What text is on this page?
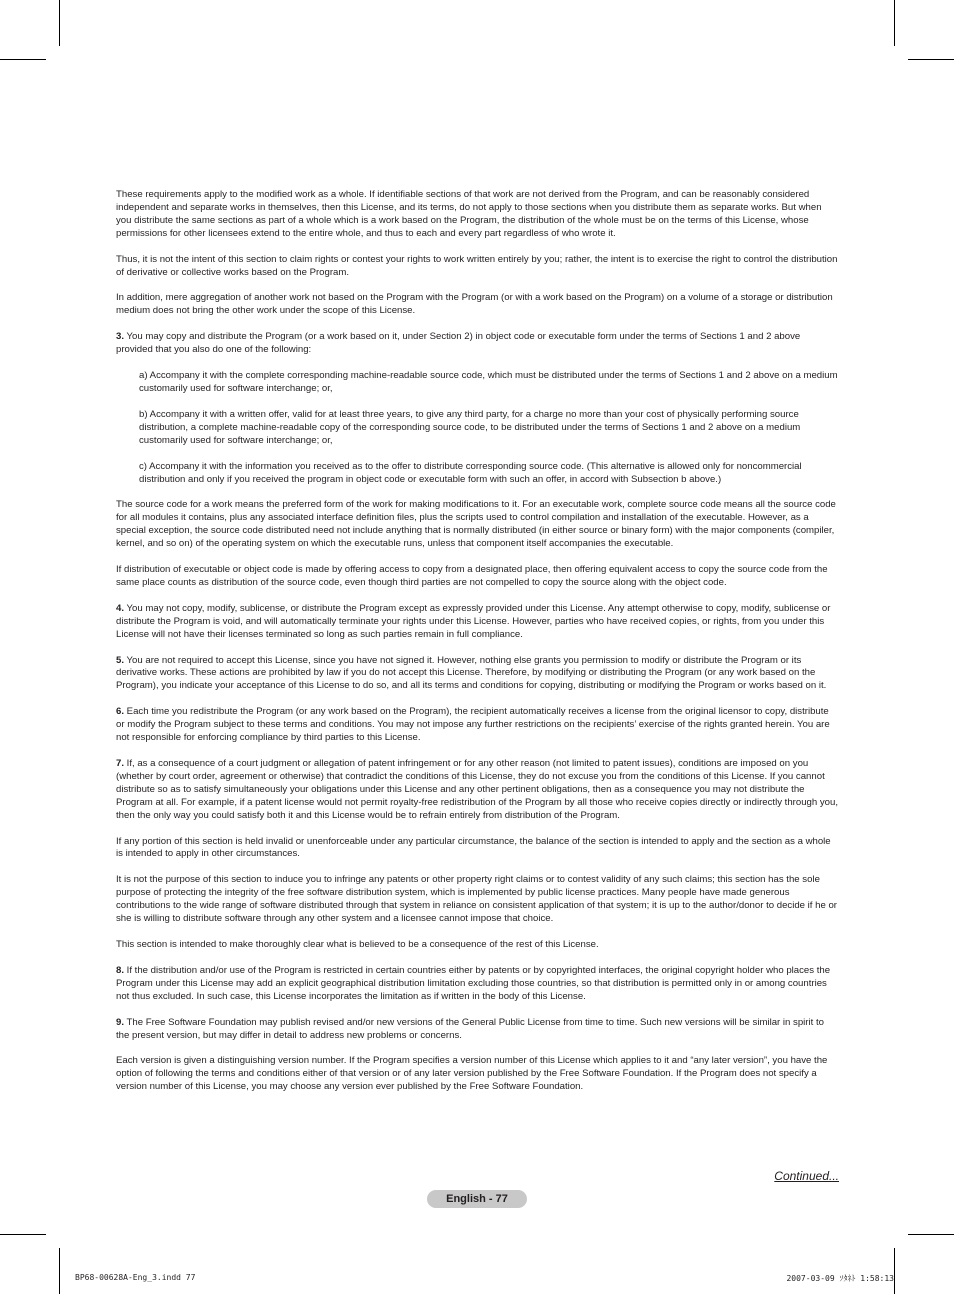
These requirements apply to the modified work as a whole. If identifiable sections of that work are not derived from the Program, and can be reasonably considered independent and separate works in themselves, then this License, and its terms, do not apply to those sections when you distribute them as separate works. But when you distribute the same sections as part of a whole which is a work based on the Program, the distribution of the whole must be on the terms of this License, whose permissions for other licensees extend to the entire whole, and thus to each and every part regardless of who wrote it.

Thus, it is not the intent of this section to claim rights or contest your rights to work written entirely by you; rather, the intent is to exercise the right to control the distribution of derivative or collective works based on the Program.

In addition, mere aggregation of another work not based on the Program with the Program (or with a work based on the Program) on a volume of a storage or distribution medium does not bring the other work under the scope of this License.

3. You may copy and distribute the Program (or a work based on it, under Section 2) in object code or executable form under the terms of Sections 1 and 2 above provided that you also do one of the following:

a) Accompany it with the complete corresponding machine-readable source code, which must be distributed under the terms of Sections 1 and 2 above on a medium customarily used for software interchange; or,

b) Accompany it with a written offer, valid for at least three years, to give any third party, for a charge no more than your cost of physically performing source distribution, a complete machine-readable copy of the corresponding source code, to be distributed under the terms of Sections 1 and 2 above on a medium customarily used for software interchange; or,

c) Accompany it with the information you received as to the offer to distribute corresponding source code. (This alternative is allowed only for noncommercial distribution and only if you received the program in object code or executable form with such an offer, in accord with Subsection b above.)

The source code for a work means the preferred form of the work for making modifications to it. For an executable work, complete source code means all the source code for all modules it contains, plus any associated interface definition files, plus the scripts used to control compilation and installation of the executable. However, as a special exception, the source code distributed need not include anything that is normally distributed (in either source or binary form) with the major components (compiler, kernel, and so on) of the operating system on which the executable runs, unless that component itself accompanies the executable.

If distribution of executable or object code is made by offering access to copy from a designated place, then offering equivalent access to copy the source code from the same place counts as distribution of the source code, even though third parties are not compelled to copy the source along with the object code.

4. You may not copy, modify, sublicense, or distribute the Program except as expressly provided under this License. Any attempt otherwise to copy, modify, sublicense or distribute the Program is void, and will automatically terminate your rights under this License. However, parties who have received copies, or rights, from you under this License will not have their licenses terminated so long as such parties remain in full compliance.

5. You are not required to accept this License, since you have not signed it. However, nothing else grants you permission to modify or distribute the Program or its derivative works. These actions are prohibited by law if you do not accept this License. Therefore, by modifying or distributing the Program (or any work based on the Program), you indicate your acceptance of this License to do so, and all its terms and conditions for copying, distributing or modifying the Program or works based on it.

6. Each time you redistribute the Program (or any work based on the Program), the recipient automatically receives a license from the original licensor to copy, distribute or modify the Program subject to these terms and conditions. You may not impose any further restrictions on the recipients’ exercise of the rights granted herein. You are not responsible for enforcing compliance by third parties to this License.

7. If, as a consequence of a court judgment or allegation of patent infringement or for any other reason (not limited to patent issues), conditions are imposed on you (whether by court order, agreement or otherwise) that contradict the conditions of this License, they do not excuse you from the conditions of this License. If you cannot distribute so as to satisfy simultaneously your obligations under this License and any other pertinent obligations, then as a consequence you may not distribute the Program at all. For example, if a patent license would not permit royalty-free redistribution of the Program by all those who receive copies directly or indirectly through you, then the only way you could satisfy both it and this License would be to refrain entirely from distribution of the Program.

If any portion of this section is held invalid or unenforceable under any particular circumstance, the balance of the section is intended to apply and the section as a whole is intended to apply in other circumstances.

It is not the purpose of this section to induce you to infringe any patents or other property right claims or to contest validity of any such claims; this section has the sole purpose of protecting the integrity of the free software distribution system, which is implemented by public license practices. Many people have made generous contributions to the wide range of software distributed through that system in reliance on consistent application of that system; it is up to the author/donor to decide if he or she is willing to distribute software through any other system and a licensee cannot impose that choice.

This section is intended to make thoroughly clear what is believed to be a consequence of the rest of this License.

8. If the distribution and/or use of the Program is restricted in certain countries either by patents or by copyrighted interfaces, the original copyright holder who places the Program under this License may add an explicit geographical distribution limitation excluding those countries, so that distribution is permitted only in or among countries not thus excluded. In such case, this License incorporates the limitation as if written in the body of this License.

9. The Free Software Foundation may publish revised and/or new versions of the General Public License from time to time. Such new versions will be similar in spirit to the present version, but may differ in detail to address new problems or concerns.

Each version is given a distinguishing version number. If the Program specifies a version number of this License which applies to it and “any later version”, you have the option of following the terms and conditions either of that version or of any later version published by the Free Software Foundation. If the Program does not specify a version number of this License, you may choose any version ever published by the Free Software Foundation.

Continued...
English - 77
BP68-00628A-Eng_3.indd 77	2007-03-09 ｿﾀﾈﾄ 1:58:13
